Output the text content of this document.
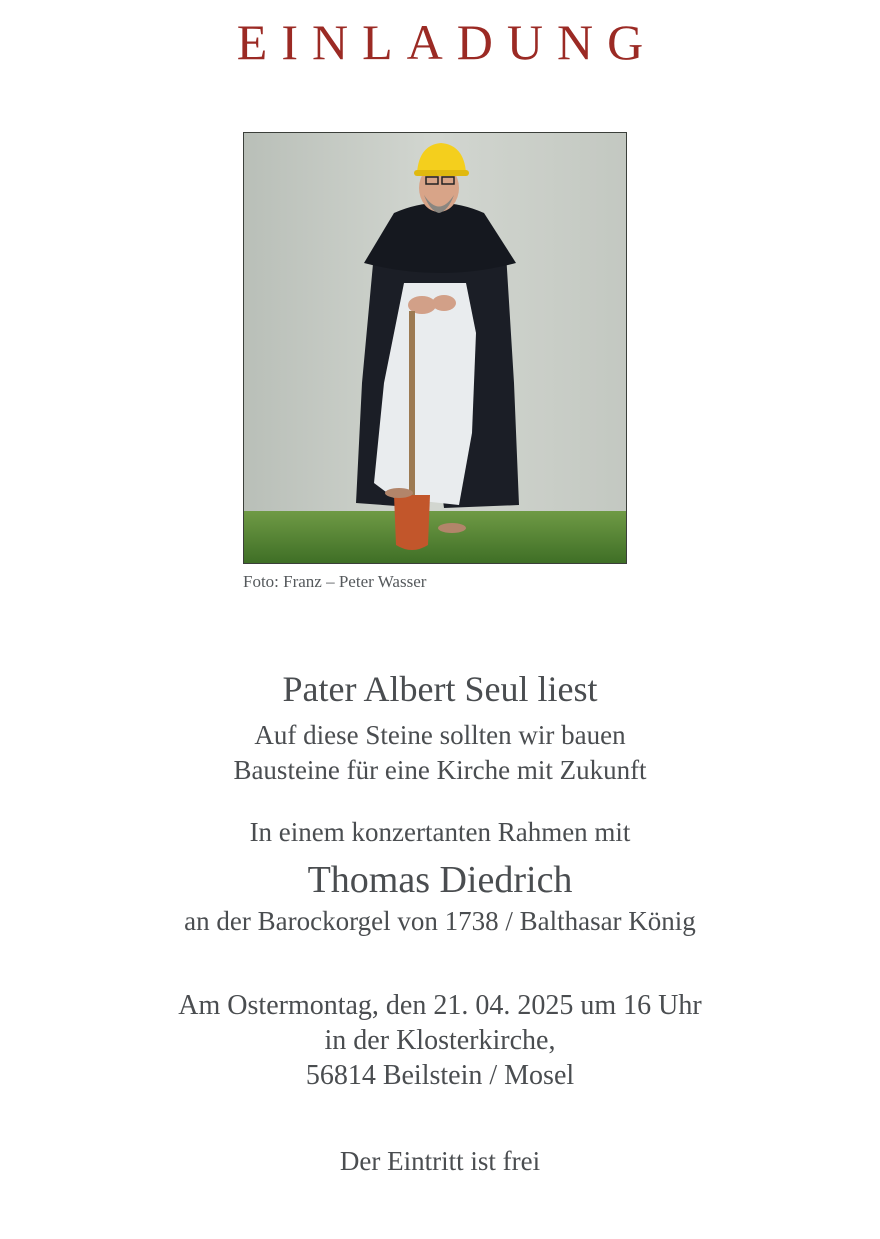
EINLADUNG
Foto: Franz – Peter Wasser
Pater Albert Seul liest
Auf diese Steine sollten wir bauen
Bausteine für eine Kirche mit Zukunft
In einem konzertanten Rahmen mit
Thomas Diedrich
an der Barockorgel von 1738 / Balthasar König
Am Ostermontag, den 21. 04. 2025 um 16 Uhr
in der Klosterkirche,
56814 Beilstein / Mosel
Der Eintritt ist frei
